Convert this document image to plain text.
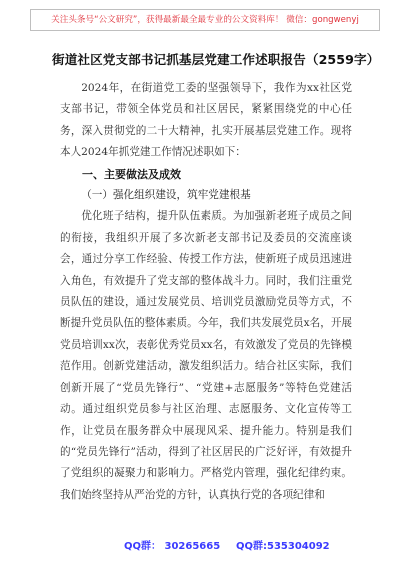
关注头条号“公文研究”，获得最新最全最专业的公文资料库！ 微信：gongwenyj
街道社区党支部书记抓基层党建工作述职报告（2559字）

2024年，在街道党工委的坚强领导下，我作为xx社区党支部书记，带领全体党员和社区居民，紧紧围绕党的中心任务，深入贯彻党的二十大精神，扎实开展基层党建工作。现将本人2024年抓党建工作情况述职如下：

一、主要做法及成效

（一）强化组织建设，筑牢党建根基

优化班子结构，提升队伍素质。为加强新老班子成员之间的衔接，我组织开展了多次新老支部书记及委员的交流座谈会，通过分享工作经验、传授工作方法，使新班子成员迅速进入角色，有效提升了党支部的整体战斗力。同时，我们注重党员队伍的建设，通过发展党员、培训党员激励党员等方式，不断提升党员队伍的整体素质。今年，我们共发展党员x名，开展党员培训xx次，表彰优秀党员xx名，有效激发了党员的先锋模范作用。创新党建活动，激发组织活力。结合社区实际，我们创新开展了“党员先锋行”、“党建+志愿服务”等特色党建活动。通过组织党员参与社区治理、志愿服务、文化宣传等工作，让党员在服务群众中展现风采、提升能力。特别是我们的“党员先锋行”活动，得到了社区居民的广泛好评，有效提升了党组织的凝聚力和影响力。严格党内管理，强化纪律约束。我们始终坚持从严治党的方针，认真执行党的各项纪律和

QQ群： 30265665 QQ群:535304092
